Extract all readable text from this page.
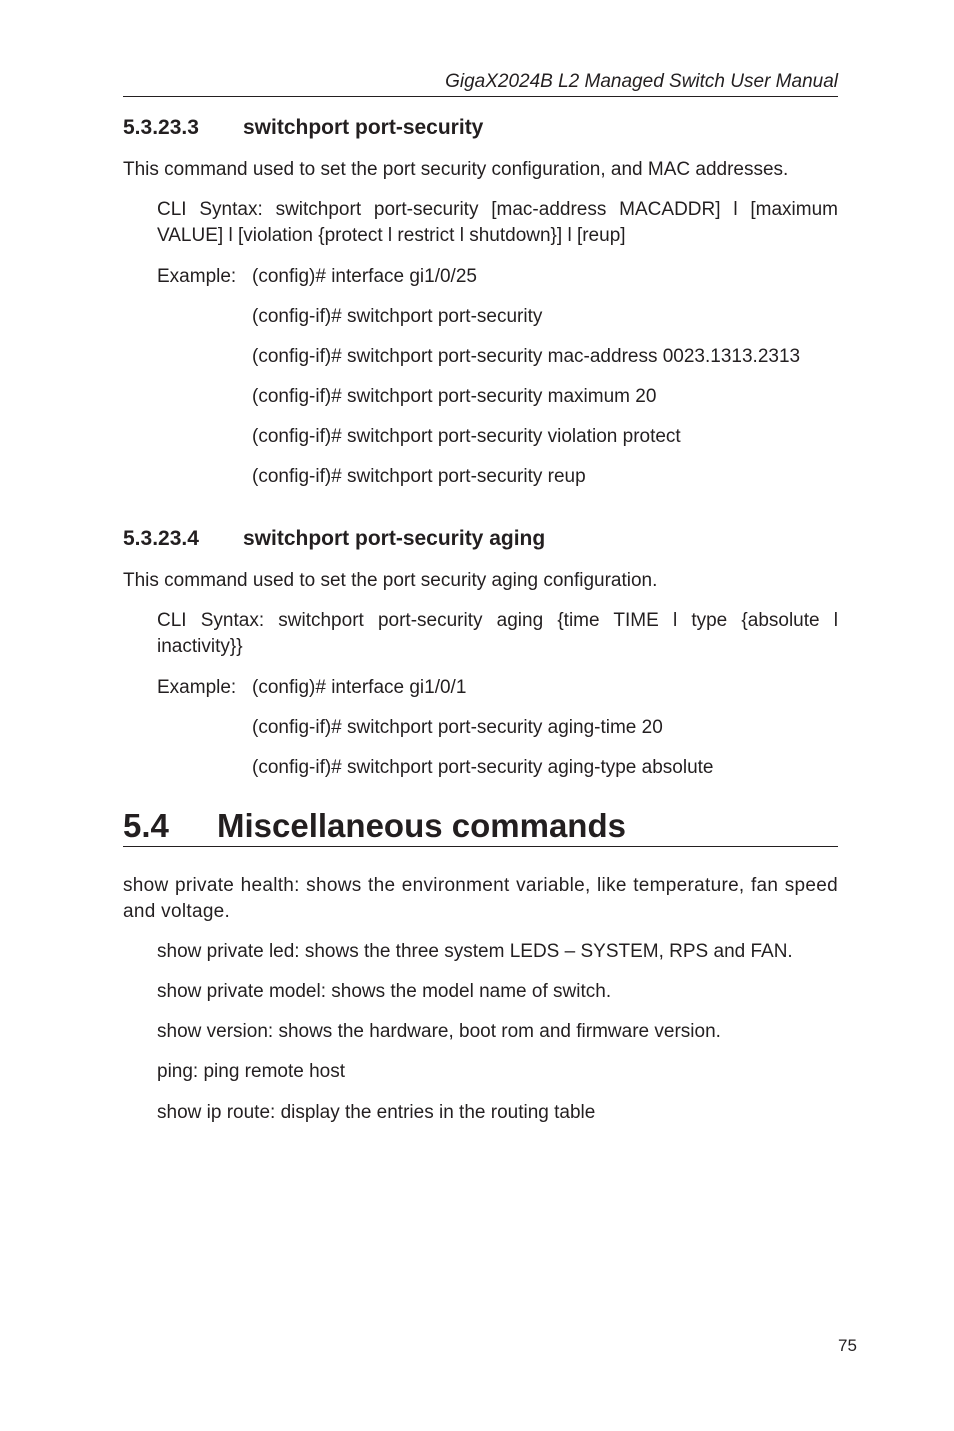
GigaX2024B L2 Managed Switch User Manual
5.3.23.3 switchport port-security
This command used to set the port security configuration, and MAC addresses.
CLI Syntax: switchport port-security [mac-address MACADDR] l [maximum VALUE] l [violation {protect l restrict l shutdown}] l [reup]
Example: (config)# interface gi1/0/25
(config-if)# switchport port-security
(config-if)# switchport port-security mac-address 0023.1313.2313
(config-if)# switchport port-security maximum 20
(config-if)# switchport port-security violation protect
(config-if)# switchport port-security reup
5.3.23.4 switchport port-security aging
This command used to set the port security aging configuration.
CLI Syntax: switchport port-security aging {time TIME l type {absolute l inactivity}}
Example: (config)# interface gi1/0/1
(config-if)# switchport port-security aging-time 20
(config-if)# switchport port-security aging-type absolute
5.4 Miscellaneous commands
show private health: shows the environment variable, like temperature, fan speed and voltage.
show private led: shows the three system LEDS – SYSTEM, RPS and FAN.
show private model: shows the model name of switch.
show version: shows the hardware, boot rom and firmware version.
ping: ping remote host
show ip route: display the entries in the routing table
75
